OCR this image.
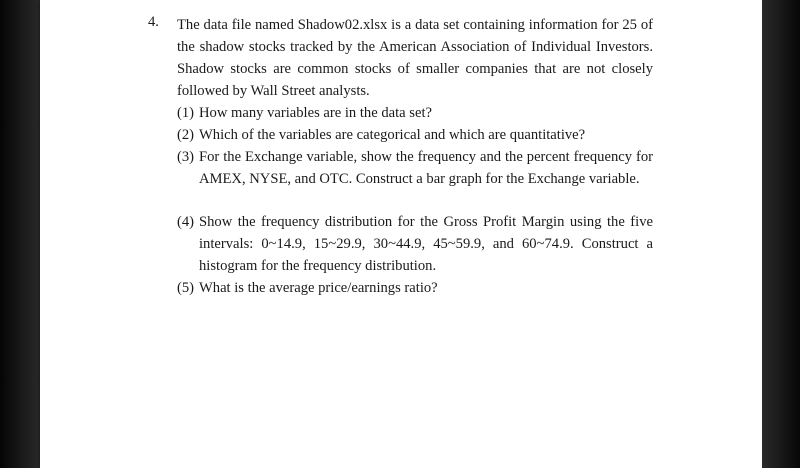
4. The data file named Shadow02.xlsx is a data set containing information for 25 of the shadow stocks tracked by the American Association of Individual Investors. Shadow stocks are common stocks of smaller companies that are not closely followed by Wall Street analysts.
(1) How many variables are in the data set?
(2) Which of the variables are categorical and which are quantitative?
(3) For the Exchange variable, show the frequency and the percent frequency for AMEX, NYSE, and OTC. Construct a bar graph for the Exchange variable.
(4) Show the frequency distribution for the Gross Profit Margin using the five intervals: 0~14.9, 15~29.9, 30~44.9, 45~59.9, and 60~74.9. Construct a histogram for the frequency distribution.
(5) What is the average price/earnings ratio?
